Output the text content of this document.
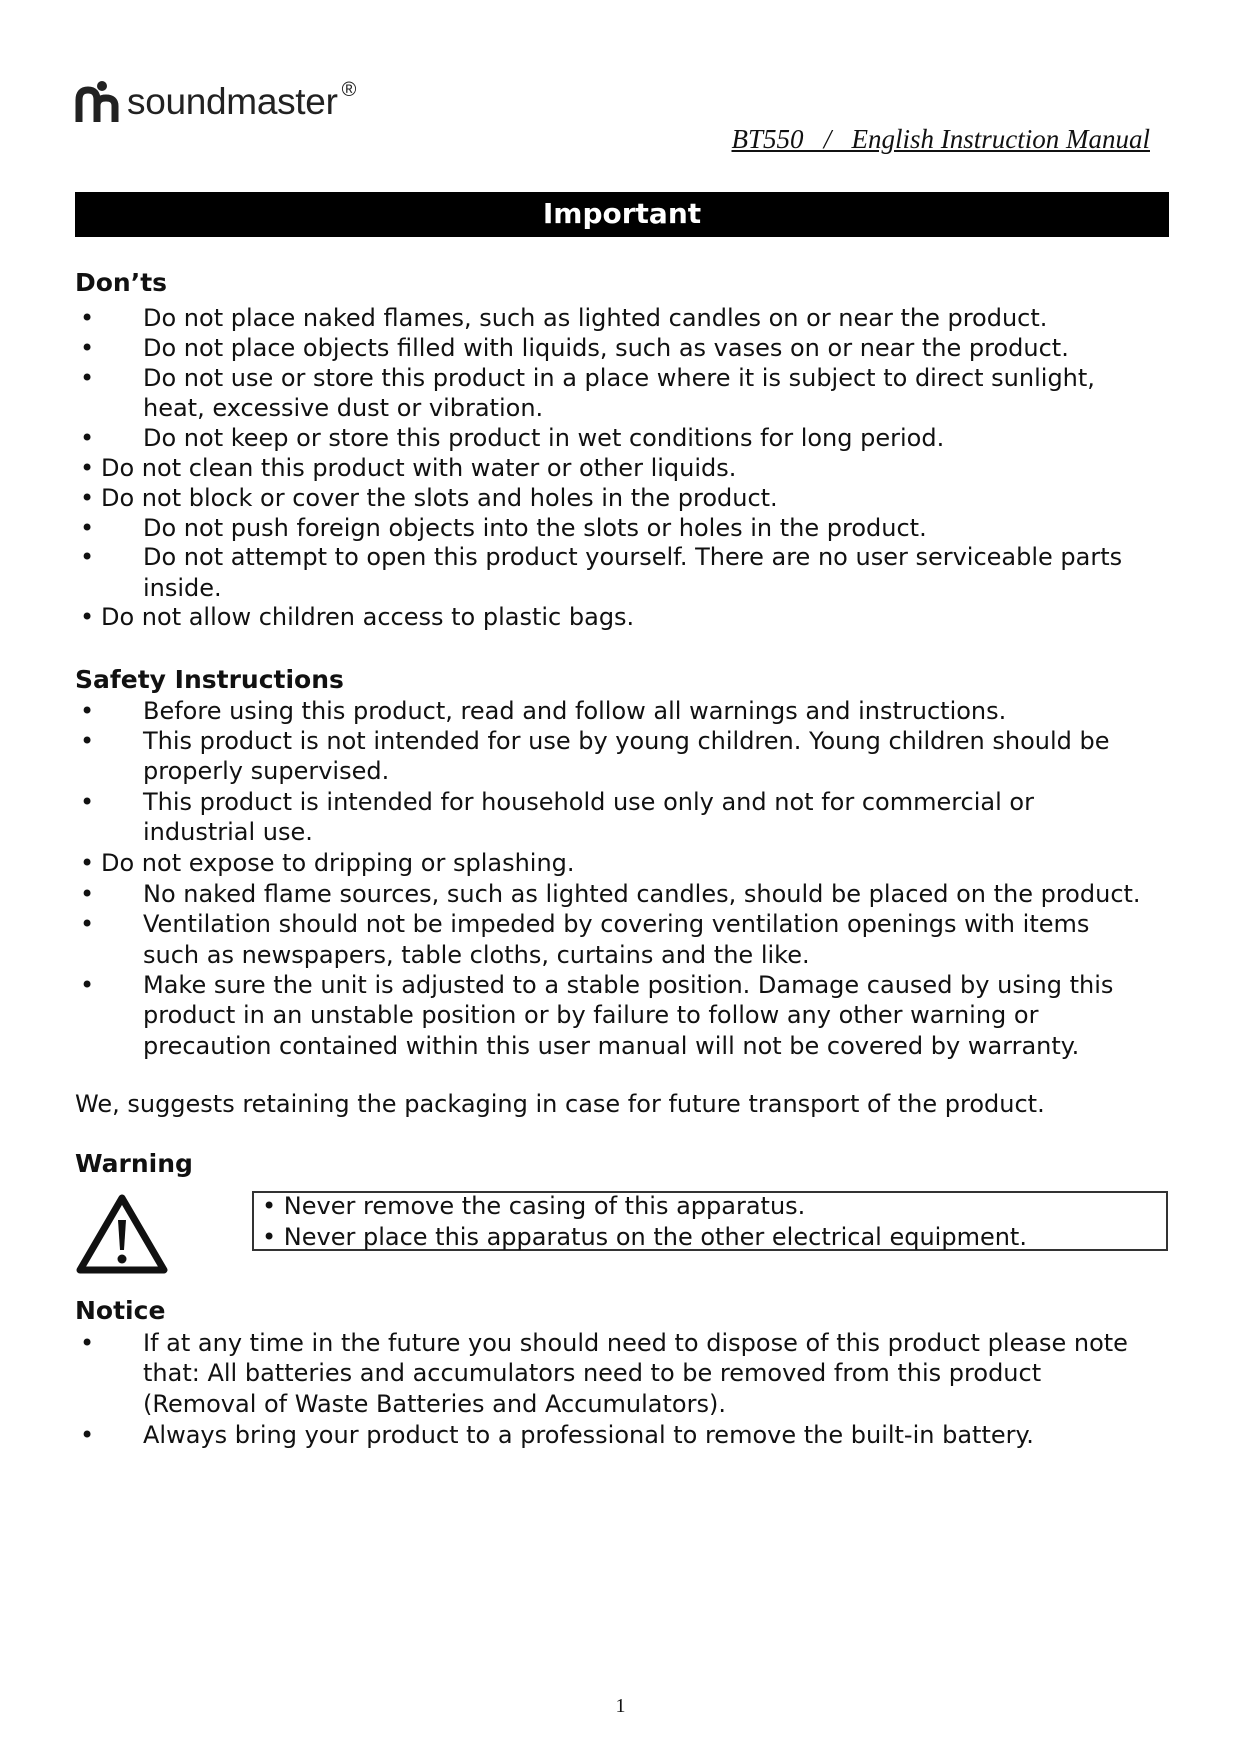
soundmaster ®
BT550   /   English Instruction Manual
Important
Don’ts
• Do not place naked flames, such as lighted candles on or near the product.
• Do not place objects filled with liquids, such as vases on or near the product.
• Do not use or store this product in a place where it is subject to direct sunlight,
heat, excessive dust or vibration.
• Do not keep or store this product in wet conditions for long period.
• Do not clean this product with water or other liquids.
• Do not block or cover the slots and holes in the product.
• Do not push foreign objects into the slots or holes in the product.
• Do not attempt to open this product yourself. There are no user serviceable parts
inside.
• Do not allow children access to plastic bags.
Safety Instructions
• Before using this product, read and follow all warnings and instructions.
• This product is not intended for use by young children. Young children should be
properly supervised.
• This product is intended for household use only and not for commercial or
industrial use.
• Do not expose to dripping or splashing.
• No naked flame sources, such as lighted candles, should be placed on the product.
• Ventilation should not be impeded by covering ventilation openings with items
such as newspapers, table cloths, curtains and the like.
• Make sure the unit is adjusted to a stable position. Damage caused by using this
product in an unstable position or by failure to follow any other warning or
precaution contained within this user manual will not be covered by warranty.
We, suggests retaining the packaging in case for future transport of the product.
Warning
• Never remove the casing of this apparatus.
• Never place this apparatus on the other electrical equipment.
Notice
• If at any time in the future you should need to dispose of this product please note
that: All batteries and accumulators need to be removed from this product
(Removal of Waste Batteries and Accumulators).
• Always bring your product to a professional to remove the built-in battery.
1
